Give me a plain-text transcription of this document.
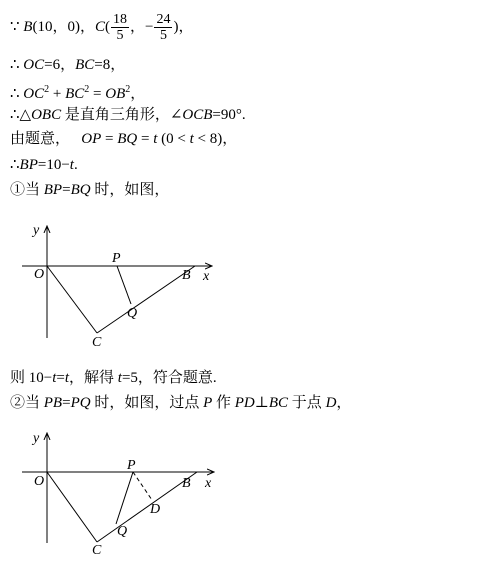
∵ B(10，0)，$C( \frac{18}{5}$ ，− $\frac{24}{5}$ )，
∴ OC=6，BC=8，
∴ $OC^2 + BC^2 = OB^2$，
∴△OBC 是直角三角形，∠OCB=90°.
由题意， OP = BQ = t (0 < t < 8)，
∴BP=10−t.
①当 BP=BQ 时，如图，
y
x
O
P
B
Q
C
则 10−t=t，解得 t=5，符合题意.
②当 PB=PQ 时，如图，过点 P 作 PD⊥BC 于点 D，
y
x
O
P
B
D
Q
C
